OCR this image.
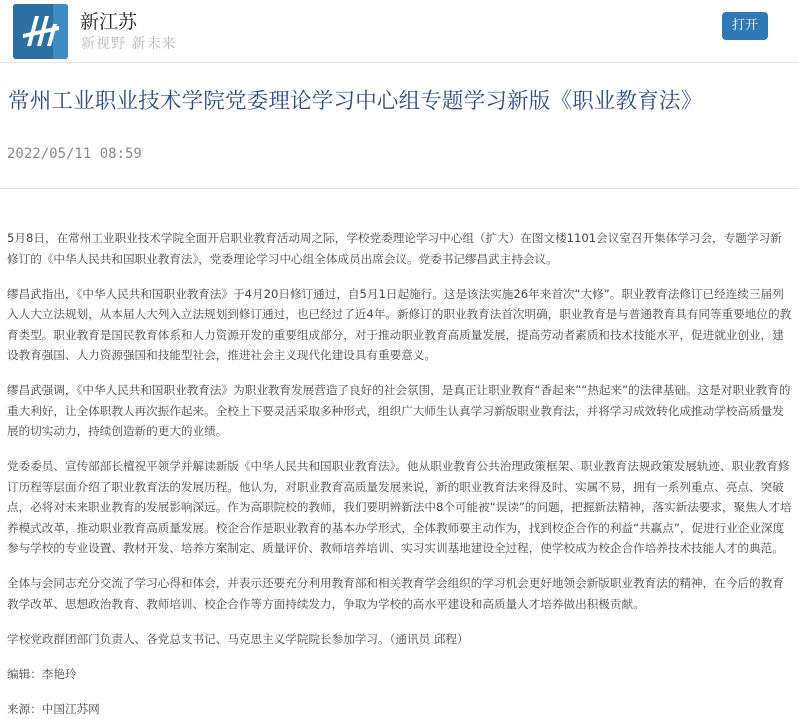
新江苏
新视野 新未来
打开
常州工业职业技术学院党委理论学习中心组专题学习新版《职业教育法》
2022/05/11 08:59

5月8日，在常州工业职业技术学院全面开启职业教育活动周之际，学校党委理论学习中心组（扩大）在图文楼1101会议室召开集体学习会，专题学习新修订的《中华人民共和国职业教育法》，党委理论学习中心组全体成员出席会议。党委书记缪昌武主持会议。

缪昌武指出，《中华人民共和国职业教育法》于4月20日修订通过，自5月1日起施行。这是该法实施26年来首次“大修”。职业教育法修订已经连续三届列入人大立法规划，从本届人大列入立法规划到修订通过，也已经过了近4年。新修订的职业教育法首次明确，职业教育是与普通教育具有同等重要地位的教育类型。职业教育是国民教育体系和人力资源开发的重要组成部分，对于推动职业教育高质量发展，提高劳动者素质和技术技能水平，促进就业创业，建设教育强国、人力资源强国和技能型社会，推进社会主义现代化建设具有重要意义。

缪昌武强调，《中华人民共和国职业教育法》为职业教育发展营造了良好的社会氛围，是真正让职业教育“香起来”“热起来”的法律基础。这是对职业教育的重大利好，让全体职教人再次振作起来。全校上下要灵活采取多种形式，组织广大师生认真学习新版职业教育法，并将学习成效转化成推动学校高质量发展的切实动力，持续创造新的更大的业绩。

党委委员、宣传部部长檀祝平领学并解读新版《中华人民共和国职业教育法》。他从职业教育公共治理政策框架、职业教育法规政策发展轨迹、职业教育修订历程等层面介绍了职业教育法的发展历程。他认为，对职业教育高质量发展来说，新的职业教育法来得及时、实属不易，拥有一系列重点、亮点、突破点，必将对未来职业教育的发展影响深远。作为高职院校的教师，我们要明辨新法中8个可能被“误读”的问题，把握新法精神，落实新法要求，聚焦人才培养模式改革，推动职业教育高质量发展。校企合作是职业教育的基本办学形式，全体教师要主动作为，找到校企合作的利益“共赢点”，促进行业企业深度参与学校的专业设置、教材开发、培养方案制定、质量评价、教师培养培训、实习实训基地建设全过程，使学校成为校企合作培养技术技能人才的典范。

全体与会同志充分交流了学习心得和体会，并表示还要充分利用教育部和相关教育学会组织的学习机会更好地领会新版职业教育法的精神，在今后的教育教学改革、思想政治教育、教师培训、校企合作等方面持续发力，争取为学校的高水平建设和高质量人才培养做出积极贡献。

学校党政群团部门负责人、各党总支书记、马克思主义学院院长参加学习。（通讯员 邱程）

编辑：李艳玲

来源：中国江苏网
